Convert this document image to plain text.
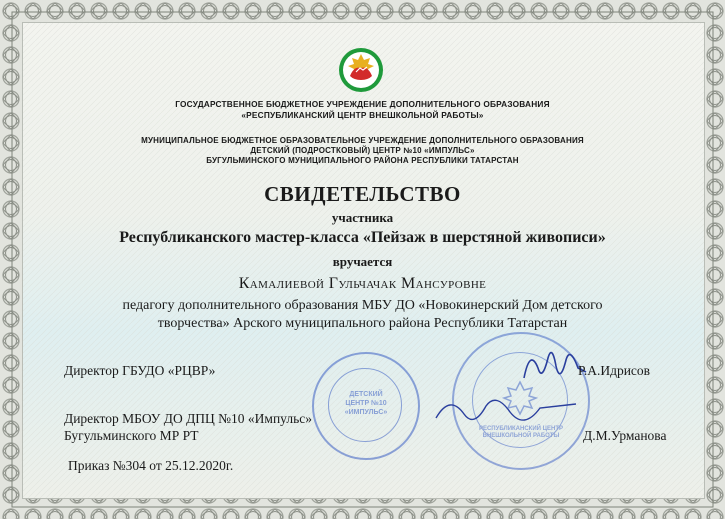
ГОСУДАРСТВЕННОЕ БЮДЖЕТНОЕ УЧРЕЖДЕНИЕ ДОПОЛНИТЕЛЬНОГО ОБРАЗОВАНИЯ
«РЕСПУБЛИКАНСКИЙ ЦЕНТР ВНЕШКОЛЬНОЙ РАБОТЫ»
МУНИЦИПАЛЬНОЕ БЮДЖЕТНОЕ ОБРАЗОВАТЕЛЬНОЕ УЧРЕЖДЕНИЕ ДОПОЛНИТЕЛЬНОГО ОБРАЗОВАНИЯ
ДЕТСКИЙ (ПОДРОСТКОВЫЙ) ЦЕНТР №10 «ИМПУЛЬС»
БУГУЛЬМИНСКОГО МУНИЦИПАЛЬНОГО РАЙОНА РЕСПУБЛИКИ ТАТАРСТАН
СВИДЕТЕЛЬСТВО
участника
Республиканского мастер-класса «Пейзаж в шерстяной живописи»
вручается
Камалиевой Гульчачак Мансуровне
педагогу дополнительного образования МБУ ДО «Новокинерский Дом детского
творчества» Арского муниципального района Республики Татарстан
ДЕТСКИЙ ЦЕНТР №10 «ИМПУЛЬС»
РЕСПУБЛИКАНСКИЙ ЦЕНТР ВНЕШКОЛЬНОЙ РАБОТЫ
Директор ГБУДО «РЦВР»	Р.А.Идрисов
Директор МБОУ ДО ДПЦ №10 «Импульс»
Бугульминского МР РТ	Д.М.Урманова
Приказ №304 от 25.12.2020г.
